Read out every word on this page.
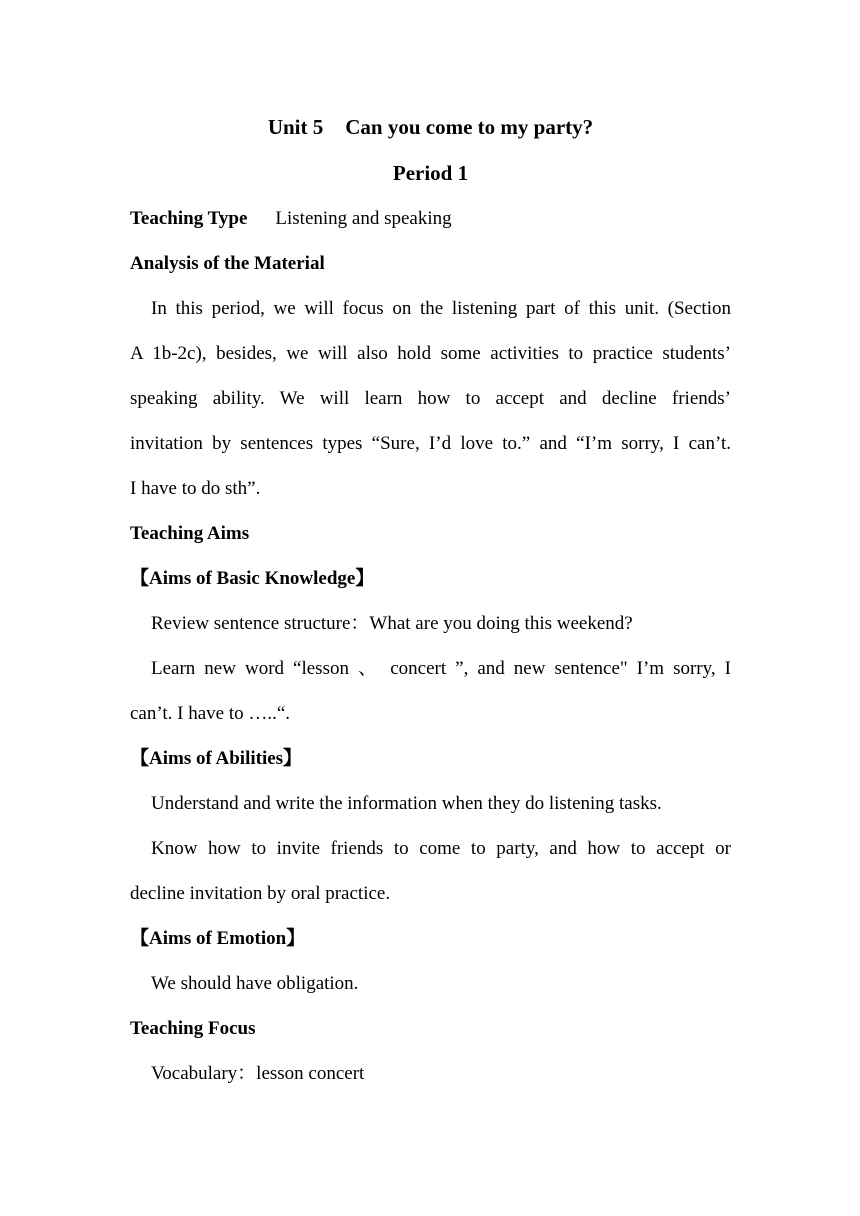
Unit 5 Can you come to my party?

Period 1

Teaching Type Listening and speaking

Analysis of the Material

In this period, we will focus on the listening part of this unit. (Section

A 1b-2c), besides, we will also hold some activities to practice students’

speaking ability. We will learn how to accept and decline friends’

invitation by sentences types “Sure, I’d love to.” and “I’m sorry, I can’t.

I have to do sth”.

Teaching Aims

【Aims of Basic Knowledge】

Review sentence structure：What are you doing this weekend?

Learn new word “lesson 、 concert ”, and new sentence" I’m sorry, I

can’t. I have to …..“.

【Aims of Abilities】

Understand and write the information when they do listening tasks.

Know how to invite friends to come to party, and how to accept or

decline invitation by oral practice.

【Aims of Emotion】

We should have obligation.

Teaching Focus

Vocabulary：lesson concert
